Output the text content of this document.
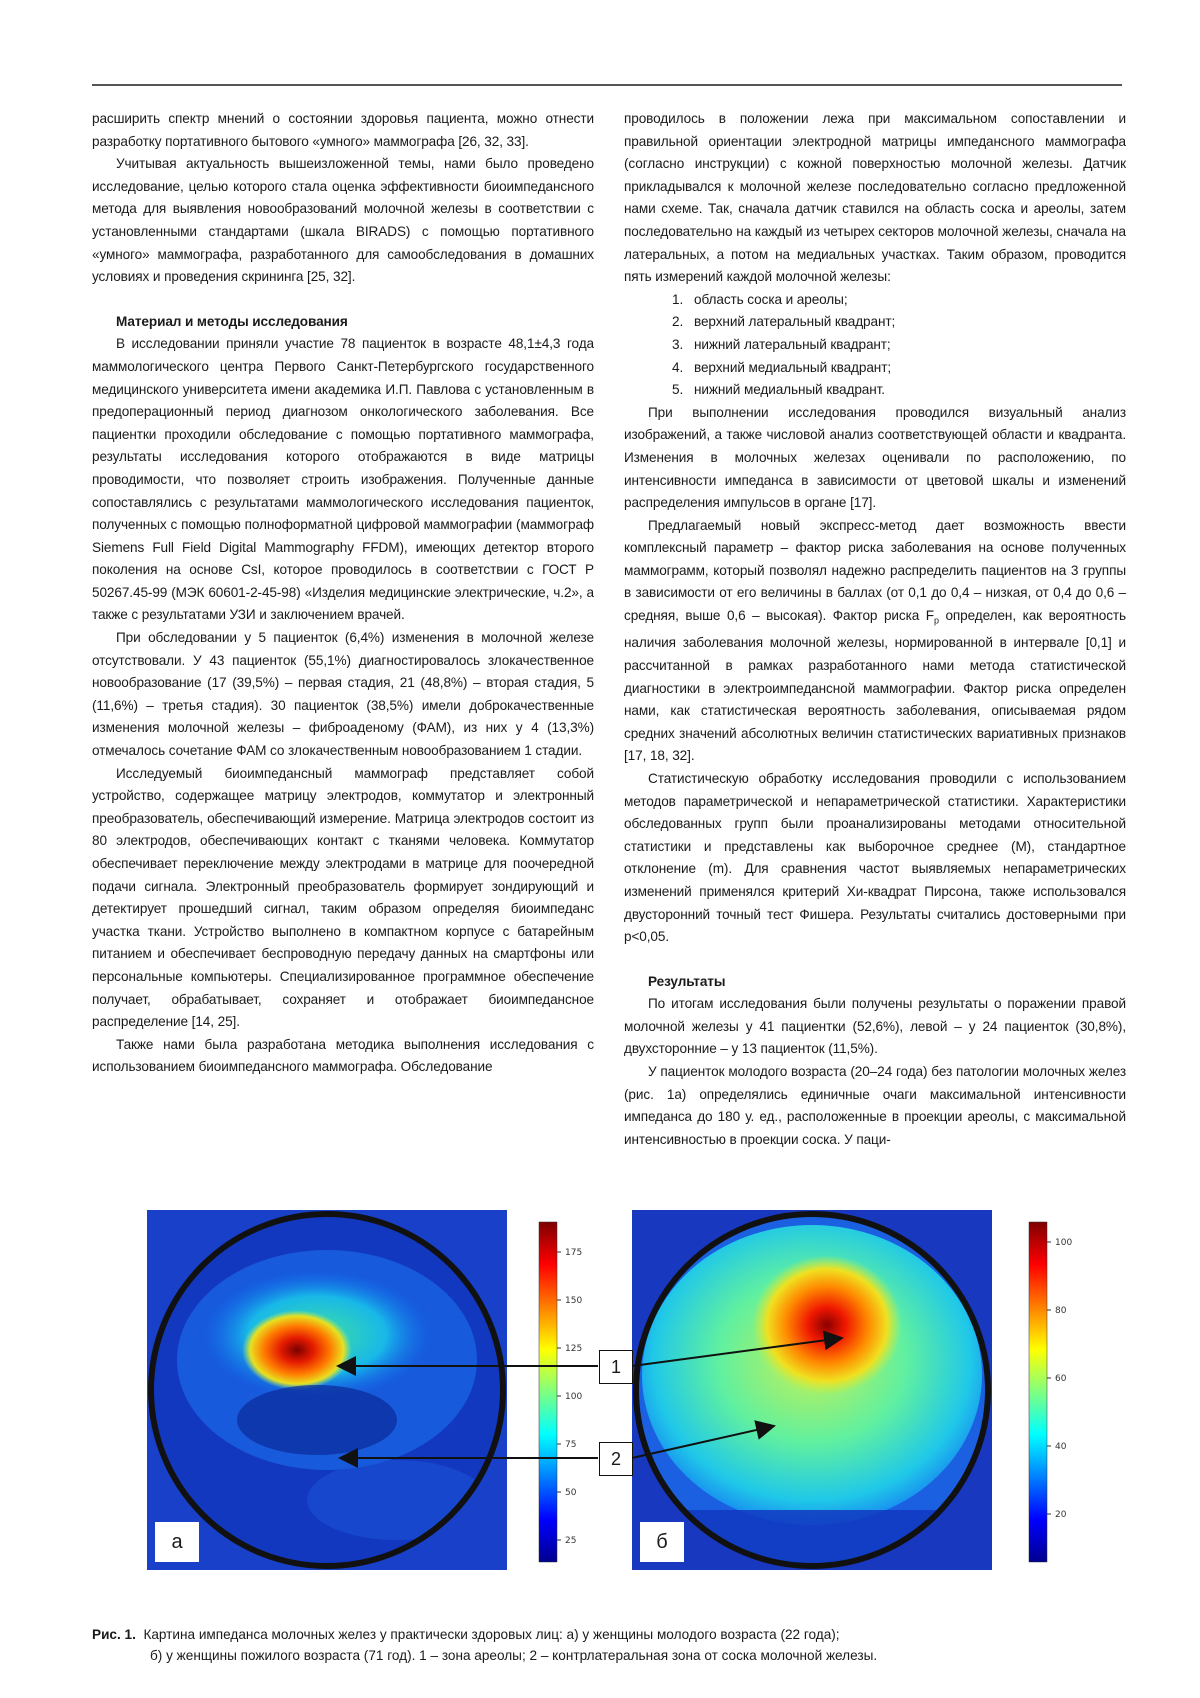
расширить спектр мнений о состоянии здоровья пациента, можно отнести разработку портативного бытового «умного» маммографа [26, 32, 33].

Учитывая актуальность вышеизложенной темы, нами было проведено исследование, целью которого стала оценка эффективности биоимпедансного метода для выявления новообразований молочной железы в соответствии с установленными стандартами (шкала BIRADS) с помощью портативного «умного» маммографа, разработанного для самообследования в домашних условиях и проведения скрининга [25, 32].

Материал и методы исследования

В исследовании приняли участие 78 пациенток в возрасте 48,1±4,3 года маммологического центра Первого Санкт-Петербургского государственного медицинского университета имени академика И.П. Павлова с установленным в предоперационный период диагнозом онкологического заболевания. Все пациентки проходили обследование с помощью портативного маммографа, результаты исследования которого отображаются в виде матрицы проводимости, что позволяет строить изображения. Полученные данные сопоставлялись с результатами маммологического исследования пациенток, полученных с помощью полноформатной цифровой маммографии (маммограф Siemens Full Field Digital Mammography FFDM), имеющих детектор второго поколения на основе CsI, которое проводилось в соответствии с ГОСТ Р 50267.45-99 (МЭК 60601-2-45-98) «Изделия медицинские электрические, ч.2», а также с результатами УЗИ и заключением врачей.

При обследовании у 5 пациенток (6,4%) изменения в молочной железе отсутствовали. У 43 пациенток (55,1%) диагностировалось злокачественное новообразование (17 (39,5%) – первая стадия, 21 (48,8%) – вторая стадия, 5 (11,6%) – третья стадия). 30 пациенток (38,5%) имели доброкачественные изменения молочной железы – фиброаденому (ФАМ), из них у 4 (13,3%) отмечалось сочетание ФАМ со злокачественным новообразованием 1 стадии.

Исследуемый биоимпедансный маммограф представляет собой устройство, содержащее матрицу электродов, коммутатор и электронный преобразователь, обеспечивающий измерение. Матрица электродов состоит из 80 электродов, обеспечивающих контакт с тканями человека. Коммутатор обеспечивает переключение между электродами в матрице для поочередной подачи сигнала. Электронный преобразователь формирует зондирующий и детектирует прошедший сигнал, таким образом определяя биоимпеданс участка ткани. Устройство выполнено в компактном корпусе с батарейным питанием и обеспечивает беспроводную передачу данных на смартфоны или персональные компьютеры. Специализированное программное обеспечение получает, обрабатывает, сохраняет и отображает биоимпедансное распределение [14, 25].

Также нами была разработана методика выполнения исследования с использованием биоимпедансного маммографа. Обследование

проводилось в положении лежа при максимальном сопоставлении и правильной ориентации электродной матрицы импедансного маммографа (согласно инструкции) с кожной поверхностью молочной железы. Датчик прикладывался к молочной железе последовательно согласно предложенной нами схеме. Так, сначала датчик ставился на область соска и ареолы, затем последовательно на каждый из четырех секторов молочной железы, сначала на латеральных, а потом на медиальных участках. Таким образом, проводится пять измерений каждой молочной железы:

1. область соска и ареолы;
2. верхний латеральный квадрант;
3. нижний латеральный квадрант;
4. верхний медиальный квадрант;
5. нижний медиальный квадрант.

При выполнении исследования проводился визуальный анализ изображений, а также числовой анализ соответствующей области и квадранта. Изменения в молочных железах оценивали по расположению, по интенсивности импеданса в зависимости от цветовой шкалы и изменений распределения импульсов в органе [17].

Предлагаемый новый экспресс-метод дает возможность ввести комплексный параметр – фактор риска заболевания на основе полученных маммограмм, который позволял надежно распределить пациентов на 3 группы в зависимости от его величины в баллах (от 0,1 до 0,4 – низкая, от 0,4 до 0,6 – средняя, выше 0,6 – высокая). Фактор риска $F_p$ определен, как вероятность наличия заболевания молочной железы, нормированной в интервале [0,1] и рассчитанной в рамках разработанного нами метода статистической диагностики в электроимпедансной маммографии. Фактор риска определен нами, как статистическая вероятность заболевания, описываемая рядом средних значений абсолютных величин статистических вариативных признаков [17, 18, 32].

Статистическую обработку исследования проводили с использованием методов параметрической и непараметрической статистики. Характеристики обследованных групп были проанализированы методами относительной статистики и представлены как выборочное среднее (M), стандартное отклонение (m). Для сравнения частот выявляемых непараметрических изменений применялся критерий Хи-квадрат Пирсона, также использовался двусторонний точный тест Фишера. Результаты считались достоверными при p<0,05.

Результаты

По итогам исследования были получены результаты о поражении правой молочной железы у 41 пациентки (52,6%), левой – у 24 пациенток (30,8%), двухсторонние – у 13 пациенток (11,5%).

У пациенток молодого возраста (20–24 года) без патологии молочных желез (рис. 1а) определялись единичные очаги максимальной интенсивности импеданса до 180 у. ед., расположенные в проекции ареолы, с максимальной интенсивностью в проекции соска. У паци-

175
150
125
100
75
50
25
100
80
60
40
20
1
2
а	б
Рис. 1. Картина импеданса молочных желез у практически здоровых лиц: а) у женщины молодого возраста (22 года);
б) у женщины пожилого возраста (71 год). 1 – зона ареолы; 2 – контрлатеральная зона от соска молочной железы.
